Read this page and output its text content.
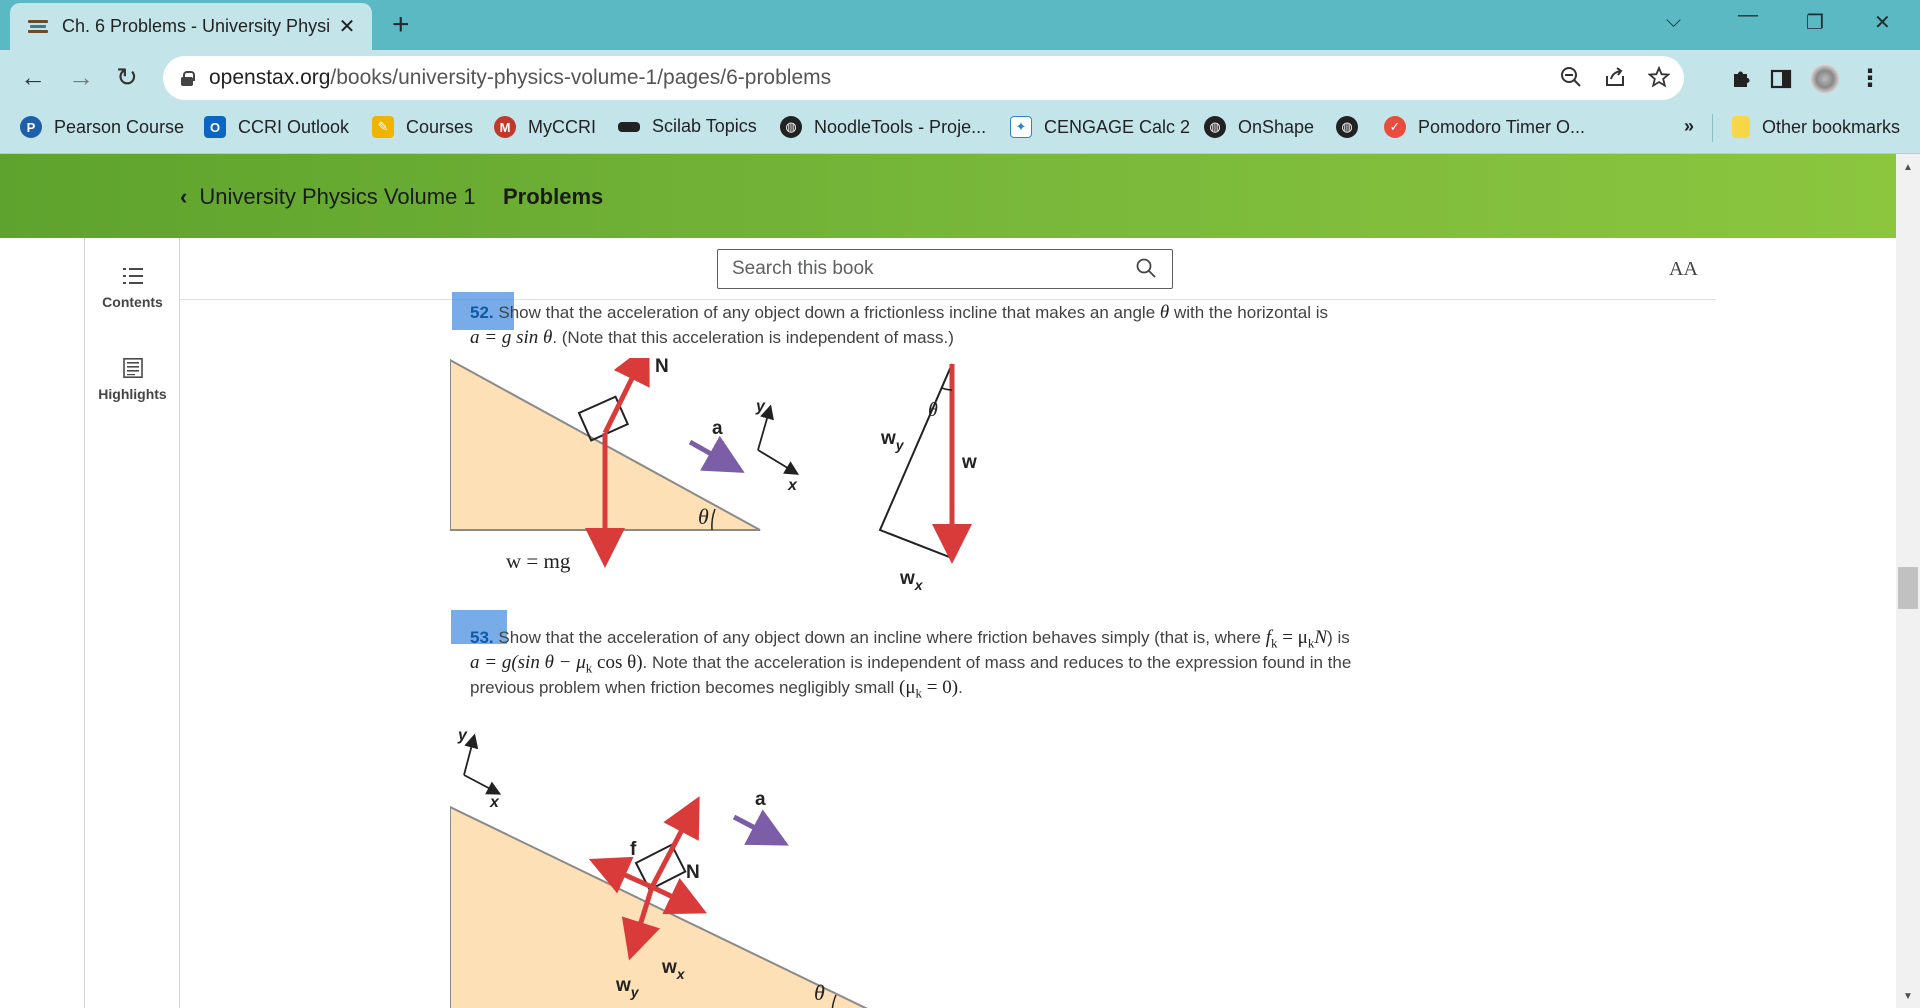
Ch. 6 Problems - University Physi ✕ +	⌵	— ❐	✕
← → ↻	openstax.org/books/university-physics-volume-1/pages/6-problems	⋮
P	Pearson Course	O CCRI Outlook	✎ Courses	M MyCCRI	Scilab Topics	◍ NoodleTools - Proje...	✦ CENGAGE Calc 2	◍ OnShape	◍	✓ Pomodoro Timer O...	»	Other bookmarks
‹ University Physics Volume 1 Problems
Contents
Highlights
Search this book	AA
52. Show that the acceleration of any object down a frictionless incline that makes an angle θ with the horizontal is
a = g sin θ. (Note that this acceleration is independent of mass.)
θ
N
w = mg
a
y
x
θ
$w_y$
w
$w_x$
53. Show that the acceleration of any object down an incline where friction behaves simply (that is, where $f_k = \mu_kN$) is
a = g(sin $\theta - \mu_k$ cos θ). Note that the acceleration is independent of mass and reduces to the expression found in the
previous problem when friction becomes negligibly small $(\mu_k = 0)$.
y
x
θ
f
N
$w_y$
$w_x$
a
▲
▼
